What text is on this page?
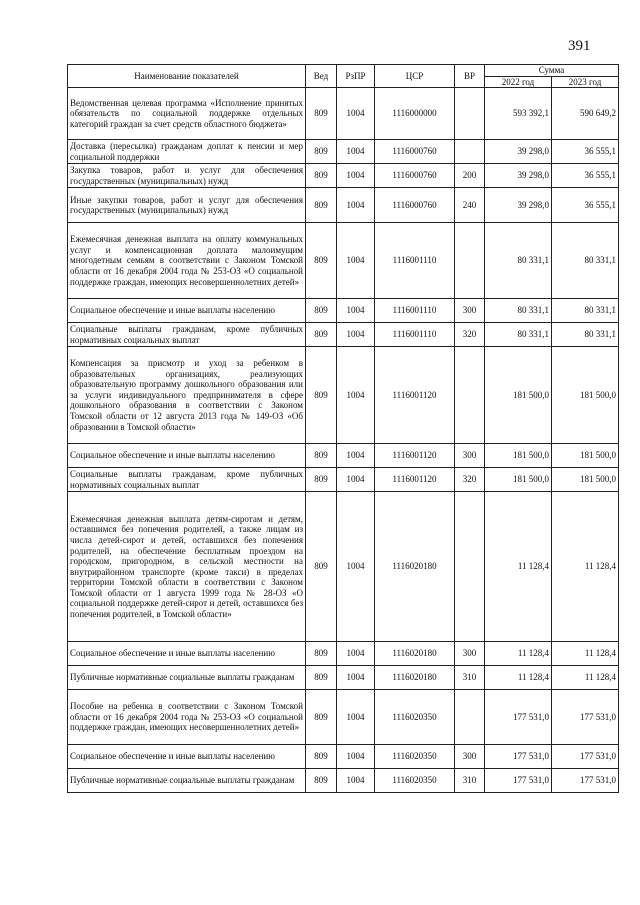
391
Наименование показателей	Вед	РзПР	ЦСР	ВР	Сумма	
					2022 год	2023 год
Ведомственная целевая программа «Исполнение принятых обязательств по социальной поддержке отдельных категорий граждан за счет средств областного бюджета»	809	1004	1116000000		593 392,1	590 649,2
Доставка (пересылка) гражданам доплат к пенсии и мер социальной поддержки	809	1004	1116000760		39 298,0	36 555,1
Закупка товаров, работ и услуг для обеспечения государственных (муниципальных) нужд	809	1004	1116000760	200	39 298,0	36 555,1
Иные закупки товаров, работ и услуг для обеспечения государственных (муниципальных) нужд	809	1004	1116000760	240	39 298,0	36 555,1
Ежемесячная денежная выплата на оплату коммунальных услуг и компенсационная доплата малоимущим многодетным семьям в соответствии с Законом Томской области от 16 декабря 2004 года № 253-ОЗ «О социальной поддержке граждан, имеющих несовершеннолетних детей»	809	1004	1116001110		80 331,1	80 331,1
Социальное обеспечение и иные выплаты населению	809	1004	1116001110	300	80 331,1	80 331,1
Социальные выплаты гражданам, кроме публичных нормативных социальных выплат	809	1004	1116001110	320	80 331,1	80 331,1
Компенсация за присмотр и уход за ребенком в образовательных организациях, реализующих образовательную программу дошкольного образования или за услуги индивидуального предпринимателя в сфере дошкольного образования в соответствии с Законом Томской области от 12 августа 2013 года № 149-ОЗ «Об образовании в Томской области»	809	1004	1116001120		181 500,0	181 500,0
Социальное обеспечение и иные выплаты населению	809	1004	1116001120	300	181 500,0	181 500,0
Социальные выплаты гражданам, кроме публичных нормативных социальных выплат	809	1004	1116001120	320	181 500,0	181 500,0
Ежемесячная денежная выплата детям-сиротам и детям, оставшимся без попечения родителей, а также лицам из числа детей-сирот и детей, оставшихся без попечения родителей, на обеспечение бесплатным проездом на городском, пригородном, в сельской местности на внутрирайонном транспорте (кроме такси) в пределах территории Томской области в соответствии с Законом Томской области от 1 августа 1999 года № 28-ОЗ «О социальной поддержке детей-сирот и детей, оставшихся без попечения родителей, в Томской области»	809	1004	1116020180		11 128,4	11 128,4
Социальное обеспечение и иные выплаты населению	809	1004	1116020180	300	11 128,4	11 128,4
Публичные нормативные социальные выплаты гражданам	809	1004	1116020180	310	11 128,4	11 128,4
Пособие на ребенка в соответствии с Законом Томской области от 16 декабря 2004 года № 253-ОЗ «О социальной поддержке граждан, имеющих несовершеннолетних детей»	809	1004	1116020350		177 531,0	177 531,0
Социальное обеспечение и иные выплаты населению	809	1004	1116020350	300	177 531,0	177 531,0
Публичные нормативные социальные выплаты гражданам	809	1004	1116020350	310	177 531,0	177 531,0
